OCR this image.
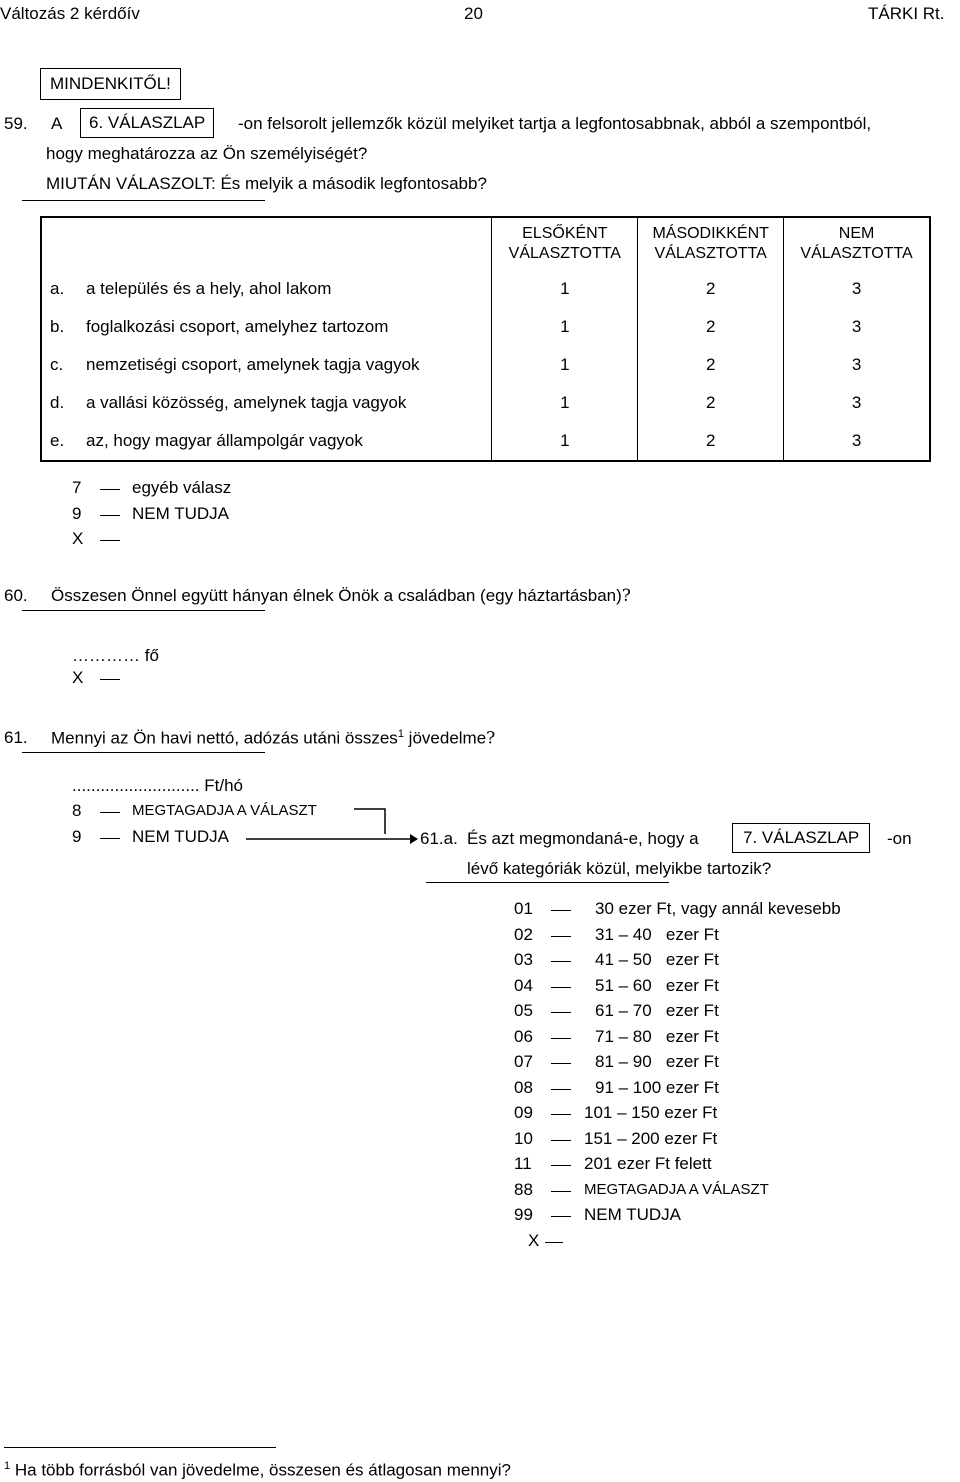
Változás 2 kérdőív	20	TÁRKI Rt.
MINDENKITŐL!
59. A	6. VÁLASZLAP	-on felsorolt jellemzők közül melyiket tartja a legfontosabbnak, abból a szempontból,
hogy meghatározza az Ön személyiségét?
MIUTÁN VÁLASZOLT: És melyik a második legfontosabb?
	ELSŐKÉNT
VÁLASZTOTTA	MÁSODIKKÉNT
VÁLASZTOTTA	NEM
VÁLASZTOTTA
a. a település és a hely, ahol lakom	1	2	3
b. foglalkozási csoport, amelyhez tartozom	1	2	3
c. nemzetiségi csoport, amelynek tagja vagyok	1	2	3
d. a vallási közösség, amelynek tagja vagyok	1	2	3
e. az, hogy magyar állampolgár vagyok	1	2	3
7	egyéb válasz
9	NEM TUDJA
X
60. Összesen Önnel együtt hányan élnek Önök a családban (egy háztartásban)?
………… fő
X
61. Mennyi az Ön havi nettó, adózás utáni összes$^1$ jövedelme?
........................... Ft/hó
8	MEGTAGADJA A VÁLASZT
9	NEM TUDJA	61.a. És azt megmondaná-e, hogy a	7. VÁLASZLAP	-on
lévő kategóriák közül, melyikbe tartozik?
01	30 ezer Ft, vagy annál kevesebb
02	31 – 40   ezer Ft
03	41 – 50   ezer Ft
04	51 – 60   ezer Ft
05	61 – 70   ezer Ft
06	71 – 80   ezer Ft
07	81 – 90   ezer Ft
08	91 – 100 ezer Ft
09	101 – 150 ezer Ft
10	151 – 200 ezer Ft
11	201 ezer Ft felett
88	MEGTAGADJA A VÁLASZT
99	NEM TUDJA
X
$^1$ Ha több forrásból van jövedelme, összesen és átlagosan mennyi?
